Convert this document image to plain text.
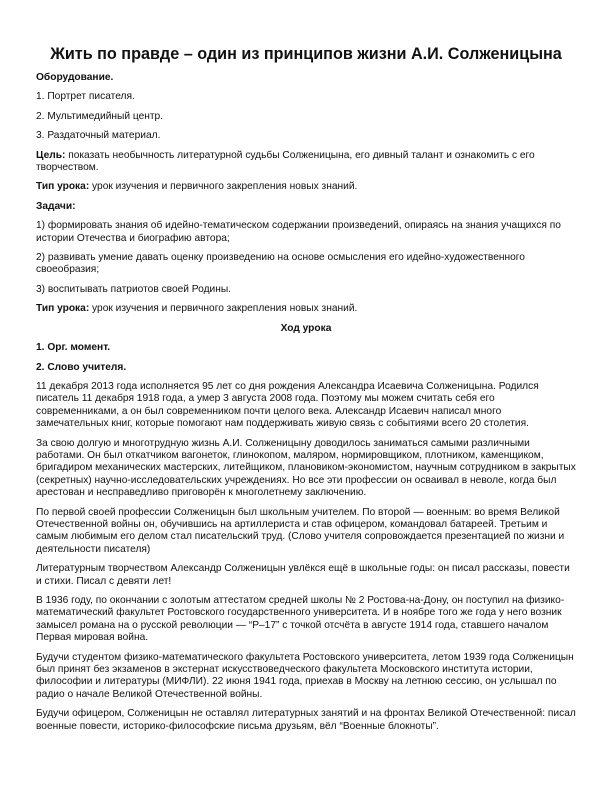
Жить по правде – один из принципов жизни А.И. Солженицына

Оборудование.

1. Портрет писателя.

2. Мультимедийный центр.

3. Раздаточный материал.

Цель: показать необычность литературной судьбы Солженицына, его дивный талант и ознакомить с его творчеством.

Тип урока: урок изучения и первичного закрепления новых знаний.

Задачи:

1) формировать знания об идейно-тематическом содержании произведений, опираясь на знания учащихся по истории Отечества и биографию автора;

2) развивать умение давать оценку произведению на основе осмысления его идейно-художественного своеобразия;

3) воспитывать патриотов своей Родины.

Тип урока: урок изучения и первичного закрепления новых знаний.

Ход урока

1. Орг. момент.

2. Слово учителя.

11 декабря 2013 года исполняется 95 лет со дня рождения Александра Исаевича Солженицына. Родился писатель 11 декабря 1918 года, а умер 3 августа 2008 года. Поэтому мы можем считать себя его современниками, а он был современником почти целого века. Александр Исаевич написал много замечательных книг, которые помогают нам поддерживать живую связь с событиями всего 20 столетия.

За свою долгую и многотрудную жизнь А.И. Солженицыну доводилось заниматься самыми различными работами. Он был откатчиком вагонеток, глинокопом, маляром, нормировщиком, плотником, каменщиком, бригадиром механических мастерских, литейщиком, плановиком-экономистом, научным сотрудником в закрытых (секретных) научно-исследовательских учреждениях. Но все эти профессии он осваивал в неволе, когда был арестован и несправедливо приговорён к многолетнему заключению.

По первой своей профессии Солженицын был школьным учителем. По второй — военным: во время Великой Отечественной войны он, обучившись на артиллериста и став офицером, командовал батареей. Третьим и самым любимым его делом стал писательский труд. (Слово учителя сопровождается презентацией по жизни и деятельности писателя)

Литературным творчеством Александр Солженицын увлёкся ещё в школьные годы: он писал рассказы, повести и стихи. Писал с девяти лет!

В 1936 году, по окончании с золотым аттестатом средней школы № 2 Ростова-на-Дону, он поступил на физико-математический факультет Ростовского государственного университета. И в ноябре того же года у него возник замысел романа на о русской революции — “Р–17” с точкой отсчёта в августе 1914 года, ставшего началом Первая мировая война.

Будучи студентом физико-математического факультета Ростовского университета, летом 1939 года Солженицын был принят без экзаменов в экстернат искусствоведческого факультета Московского института истории, философии и литературы (МИФЛИ). 22 июня 1941 года, приехав в Москву на летнюю сессию, он услышал по радио о начале Великой Отечественной войны.

Будучи офицером, Солженицын не оставлял литературных занятий и на фронтах Великой Отечественной: писал военные повести, историко-философские письма друзьям, вёл “Военные блокноты”.
